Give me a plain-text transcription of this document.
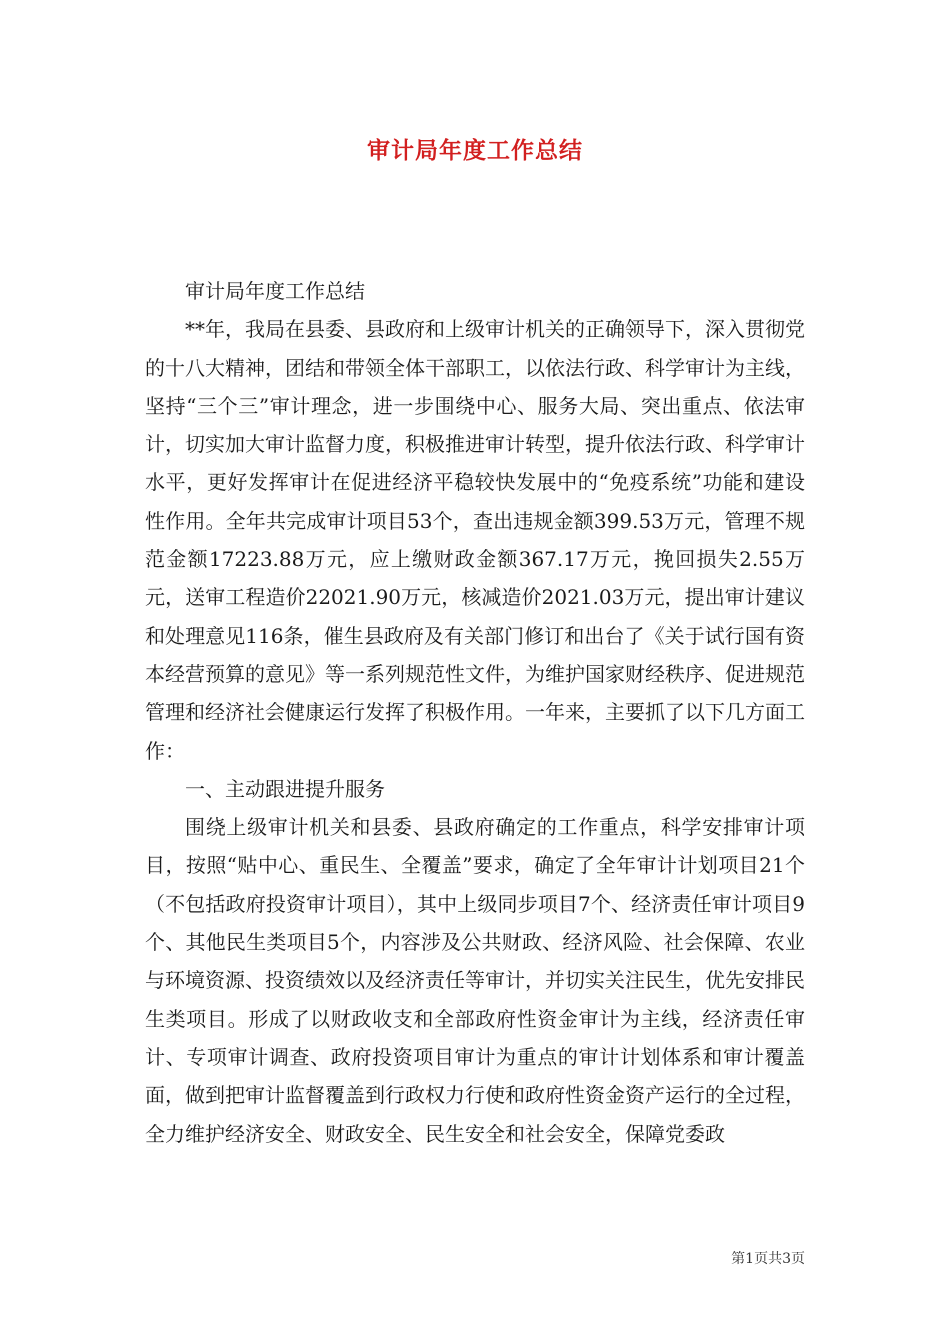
审计局年度工作总结

审计局年度工作总结

**年，我局在县委、县政府和上级审计机关的正确领导下，深入贯彻党的十八大精神，团结和带领全体干部职工，以依法行政、科学审计为主线，坚持“三个三”审计理念，进一步围绕中心、服务大局、突出重点、依法审计，切实加大审计监督力度，积极推进审计转型，提升依法行政、科学审计水平，更好发挥审计在促进经济平稳较快发展中的“免疫系统”功能和建设性作用。全年共完成审计项目53个，查出违规金额399.53万元，管理不规范金额17223.88万元，应上缴财政金额367.17万元，挽回损失2.55万元，送审工程造价22021.90万元，核减造价2021.03万元，提出审计建议和处理意见116条，催生县政府及有关部门修订和出台了《关于试行国有资本经营预算的意见》等一系列规范性文件，为维护国家财经秩序、促进规范管理和经济社会健康运行发挥了积极作用。一年来，主要抓了以下几方面工作：

一、主动跟进提升服务

围绕上级审计机关和县委、县政府确定的工作重点，科学安排审计项目，按照“贴中心、重民生、全覆盖”要求，确定了全年审计计划项目21个（不包括政府投资审计项目），其中上级同步项目7个、经济责任审计项目9个、其他民生类项目5个，内容涉及公共财政、经济风险、社会保障、农业与环境资源、投资绩效以及经济责任等审计，并切实关注民生，优先安排民生类项目。形成了以财政收支和全部政府性资金审计为主线，经济责任审计、专项审计调查、政府投资项目审计为重点的审计计划体系和审计覆盖面，做到把审计监督覆盖到行政权力行使和政府性资金资产运行的全过程，全力维护经济安全、财政安全、民生安全和社会安全，保障党委政

第1页共3页
